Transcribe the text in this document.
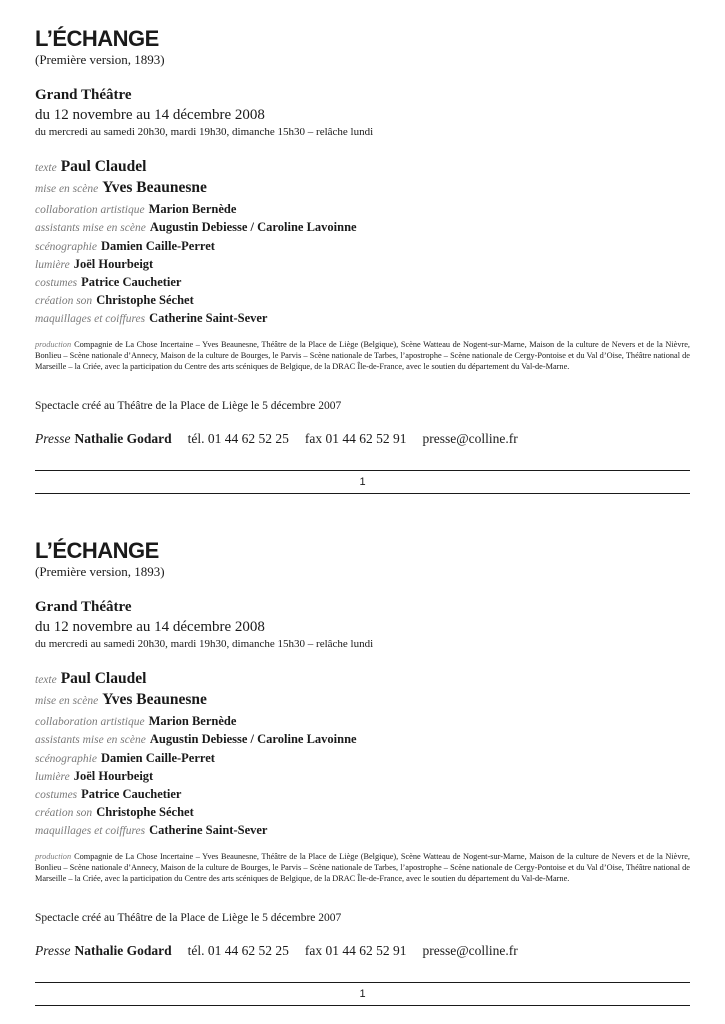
L’ÉCHANGE
(Première version, 1893)
Grand Théâtre
du 12 novembre au 14 décembre 2008
du mercredi au samedi 20h30, mardi 19h30, dimanche 15h30 – relâche lundi
texte Paul Claudel
mise en scène Yves Beaunesne
collaboration artistique Marion Bernède
assistants mise en scène Augustin Debiesse / Caroline Lavoinne
scénographie Damien Caille-Perret
lumière Joël Hourbeigt
costumes Patrice Cauchetier
création son Christophe Séchet
maquillages et coiffures Catherine Saint-Sever
production Compagnie de La Chose Incertaine – Yves Beaunesne, Théâtre de la Place de Liège (Belgique), Scène Watteau de Nogent-sur-Marne, Maison de la culture de Nevers et de la Nièvre, Bonlieu – Scène nationale d’Annecy, Maison de la culture de Bourges, le Parvis – Scène nationale de Tarbes, l’apostrophe – Scène nationale de Cergy-Pontoise et du Val d’Oise, Théâtre national de Marseille – la Criée, avec la participation du Centre des arts scéniques de Belgique, de la DRAC Île-de-France, avec le soutien du département du Val-de-Marne.
Spectacle créé au Théâtre de la Place de Liège le 5 décembre 2007
Presse Nathalie Godard tél. 01 44 62 52 25 fax 01 44 62 52 91 presse@colline.fr
1
L’ÉCHANGE
(Première version, 1893)
Grand Théâtre
du 12 novembre au 14 décembre 2008
du mercredi au samedi 20h30, mardi 19h30, dimanche 15h30 – relâche lundi
texte Paul Claudel
mise en scène Yves Beaunesne
collaboration artistique Marion Bernède
assistants mise en scène Augustin Debiesse / Caroline Lavoinne
scénographie Damien Caille-Perret
lumière Joël Hourbeigt
costumes Patrice Cauchetier
création son Christophe Séchet
maquillages et coiffures Catherine Saint-Sever
production Compagnie de La Chose Incertaine – Yves Beaunesne, Théâtre de la Place de Liège (Belgique), Scène Watteau de Nogent-sur-Marne, Maison de la culture de Nevers et de la Nièvre, Bonlieu – Scène nationale d’Annecy, Maison de la culture de Bourges, le Parvis – Scène nationale de Tarbes, l’apostrophe – Scène nationale de Cergy-Pontoise et du Val d’Oise, Théâtre national de Marseille – la Criée, avec la participation du Centre des arts scéniques de Belgique, de la DRAC Île-de-France, avec le soutien du département du Val-de-Marne.
Spectacle créé au Théâtre de la Place de Liège le 5 décembre 2007
Presse Nathalie Godard tél. 01 44 62 52 25 fax 01 44 62 52 91 presse@colline.fr
1
